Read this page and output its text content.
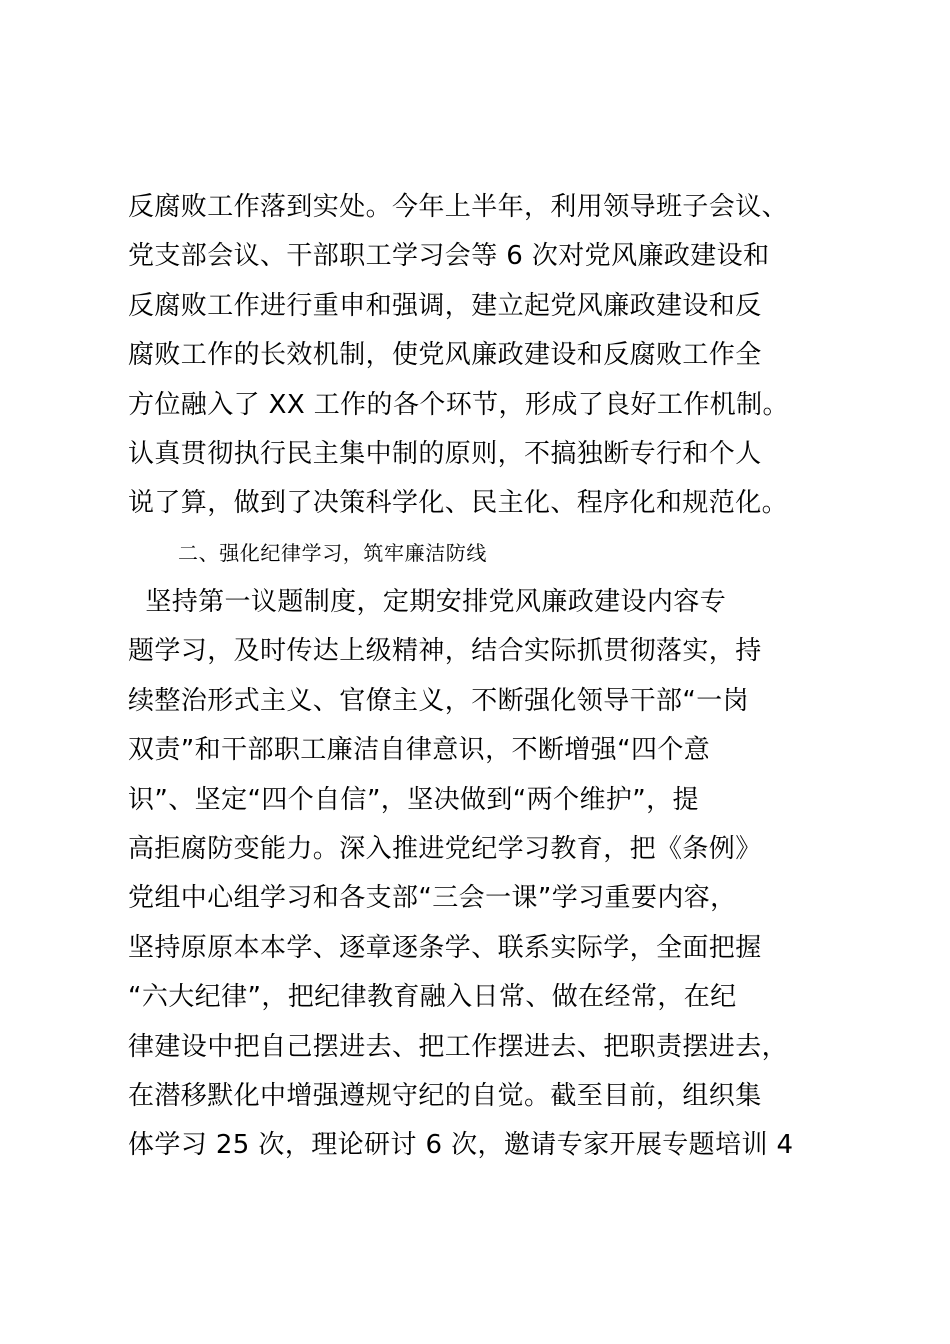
反腐败工作落到实处。今年上半年，利用领导班子会议、
党支部会议、干部职工学习会等 6 次对党风廉政建设和
反腐败工作进行重申和强调，建立起党风廉政建设和反
腐败工作的长效机制，使党风廉政建设和反腐败工作全
方位融入了 XX 工作的各个环节，形成了良好工作机制。
认真贯彻执行民主集中制的原则，不搞独断专行和个人
说了算，做到了决策科学化、民主化、程序化和规范化。
二、强化纪律学习，筑牢廉洁防线
坚持第一议题制度，定期安排党风廉政建设内容专
题学习，及时传达上级精神，结合实际抓贯彻落实，持
续整治形式主义、官僚主义，不断强化领导干部“一岗
双责”和干部职工廉洁自律意识，不断增强“四个意
识”、坚定“四个自信”，坚决做到“两个维护”，提
高拒腐防变能力。深入推进党纪学习教育，把《条例》
党组中心组学习和各支部“三会一课”学习重要内容，
坚持原原本本学、逐章逐条学、联系实际学，全面把握
“六大纪律”，把纪律教育融入日常、做在经常，在纪
律建设中把自己摆进去、把工作摆进去、把职责摆进去，
在潜移默化中增强遵规守纪的自觉。截至目前，组织集
体学习 25 次，理论研讨 6 次，邀请专家开展专题培训 4
